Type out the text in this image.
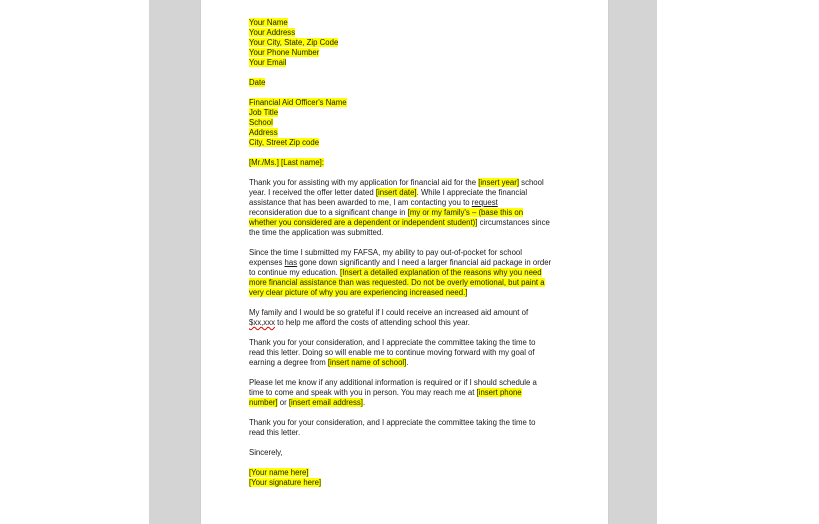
Your Name
Your Address
Your City, State, Zip Code
Your Phone Number
Your Email
Date
Financial Aid Officer's Name
Job Title
School
Address
City, Street Zip code
[Mr./Ms.] [Last name]:
Thank you for assisting with my application for financial aid for the [insert year] school
year. I received the offer letter dated [insert date]. While I appreciate the financial
assistance that has been awarded to me, I am contacting you to request
reconsideration due to a significant change in [my or my family's – (base this on
whether you considered are a dependent or independent student)] circumstances since
the time the application was submitted.
Since the time I submitted my FAFSA, my ability to pay out-of-pocket for school
expenses has gone down significantly and I need a larger financial aid package in order
to continue my education. [Insert a detailed explanation of the reasons why you need
more financial assistance than was requested. Do not be overly emotional, but paint a
very clear picture of why you are experiencing increased need.]
My family and I would be so grateful if I could receive an increased aid amount of
$xx,xxx to help me afford the costs of attending school this year.
Thank you for your consideration, and I appreciate the committee taking the time to
read this letter. Doing so will enable me to continue moving forward with my goal of
earning a degree from [insert name of school].
Please let me know if any additional information is required or if I should schedule a
time to come and speak with you in person. You may reach me at [insert phone
number] or [insert email address].
Thank you for your consideration, and I appreciate the committee taking the time to
read this letter.
Sincerely,
[Your name here]
[Your signature here]
